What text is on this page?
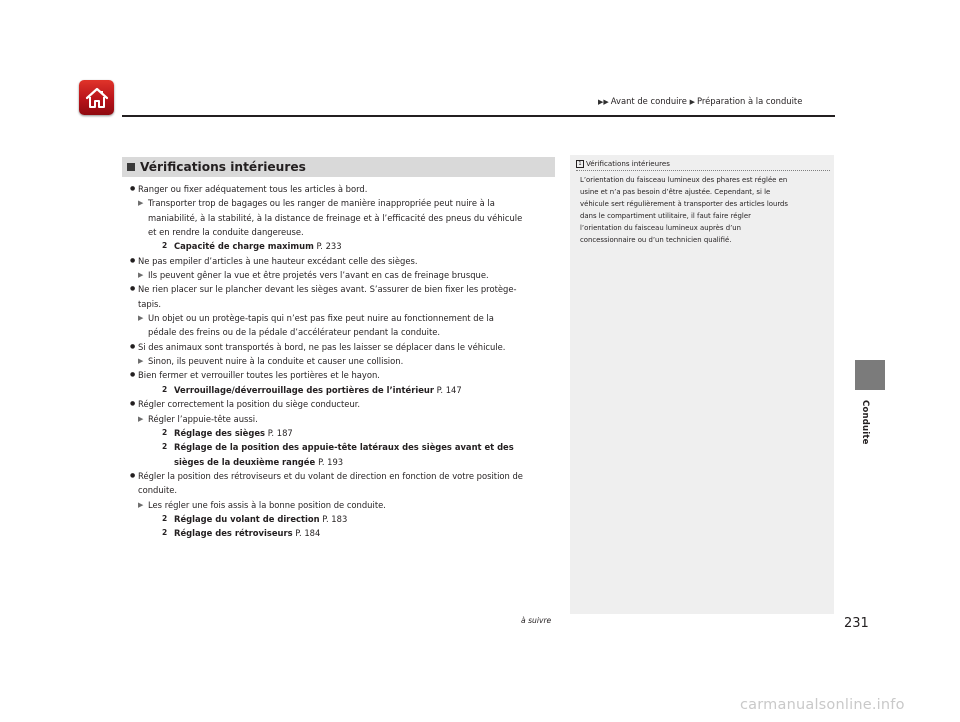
▶▶ Avant de conduire ▶ Préparation à la conduite
Conduite
Vérifications intérieures
● Ranger ou fixer adéquatement tous les articles à bord.
▶ Transporter trop de bagages ou les ranger de manière inappropriée peut nuire à la
maniabilité, à la stabilité, à la distance de freinage et à l’efficacité des pneus du véhicule
et en rendre la conduite dangereuse.
2 Capacité de charge maximum P. 233
● Ne pas empiler d’articles à une hauteur excédant celle des sièges.
▶ Ils peuvent gêner la vue et être projetés vers l’avant en cas de freinage brusque.
● Ne rien placer sur le plancher devant les sièges avant. S’assurer de bien fixer les protège-
tapis.
▶ Un objet ou un protège-tapis qui n’est pas fixe peut nuire au fonctionnement de la
pédale des freins ou de la pédale d’accélérateur pendant la conduite.
● Si des animaux sont transportés à bord, ne pas les laisser se déplacer dans le véhicule.
▶ Sinon, ils peuvent nuire à la conduite et causer une collision.
● Bien fermer et verrouiller toutes les portières et le hayon.
2 Verrouillage/déverrouillage des portières de l’intérieur P. 147
● Régler correctement la position du siège conducteur.
▶ Régler l’appuie-tête aussi.
2 Réglage des sièges P. 187
2 Réglage de la position des appuie-tête latéraux des sièges avant et des
sièges de la deuxième rangée P. 193
● Régler la position des rétroviseurs et du volant de direction en fonction de votre position de
conduite.
▶ Les régler une fois assis à la bonne position de conduite.
2 Réglage du volant de direction P. 183
2 Réglage des rétroviseurs P. 184
1 Vérifications intérieures
L’orientation du faisceau lumineux des phares est réglée en
usine et n’a pas besoin d’être ajustée. Cependant, si le
véhicule sert régulièrement à transporter des articles lourds
dans le compartiment utilitaire, il faut faire régler
l’orientation du faisceau lumineux auprès d’un
concessionnaire ou d’un technicien qualifié.
à suivre	231
carmanualsonline.info
